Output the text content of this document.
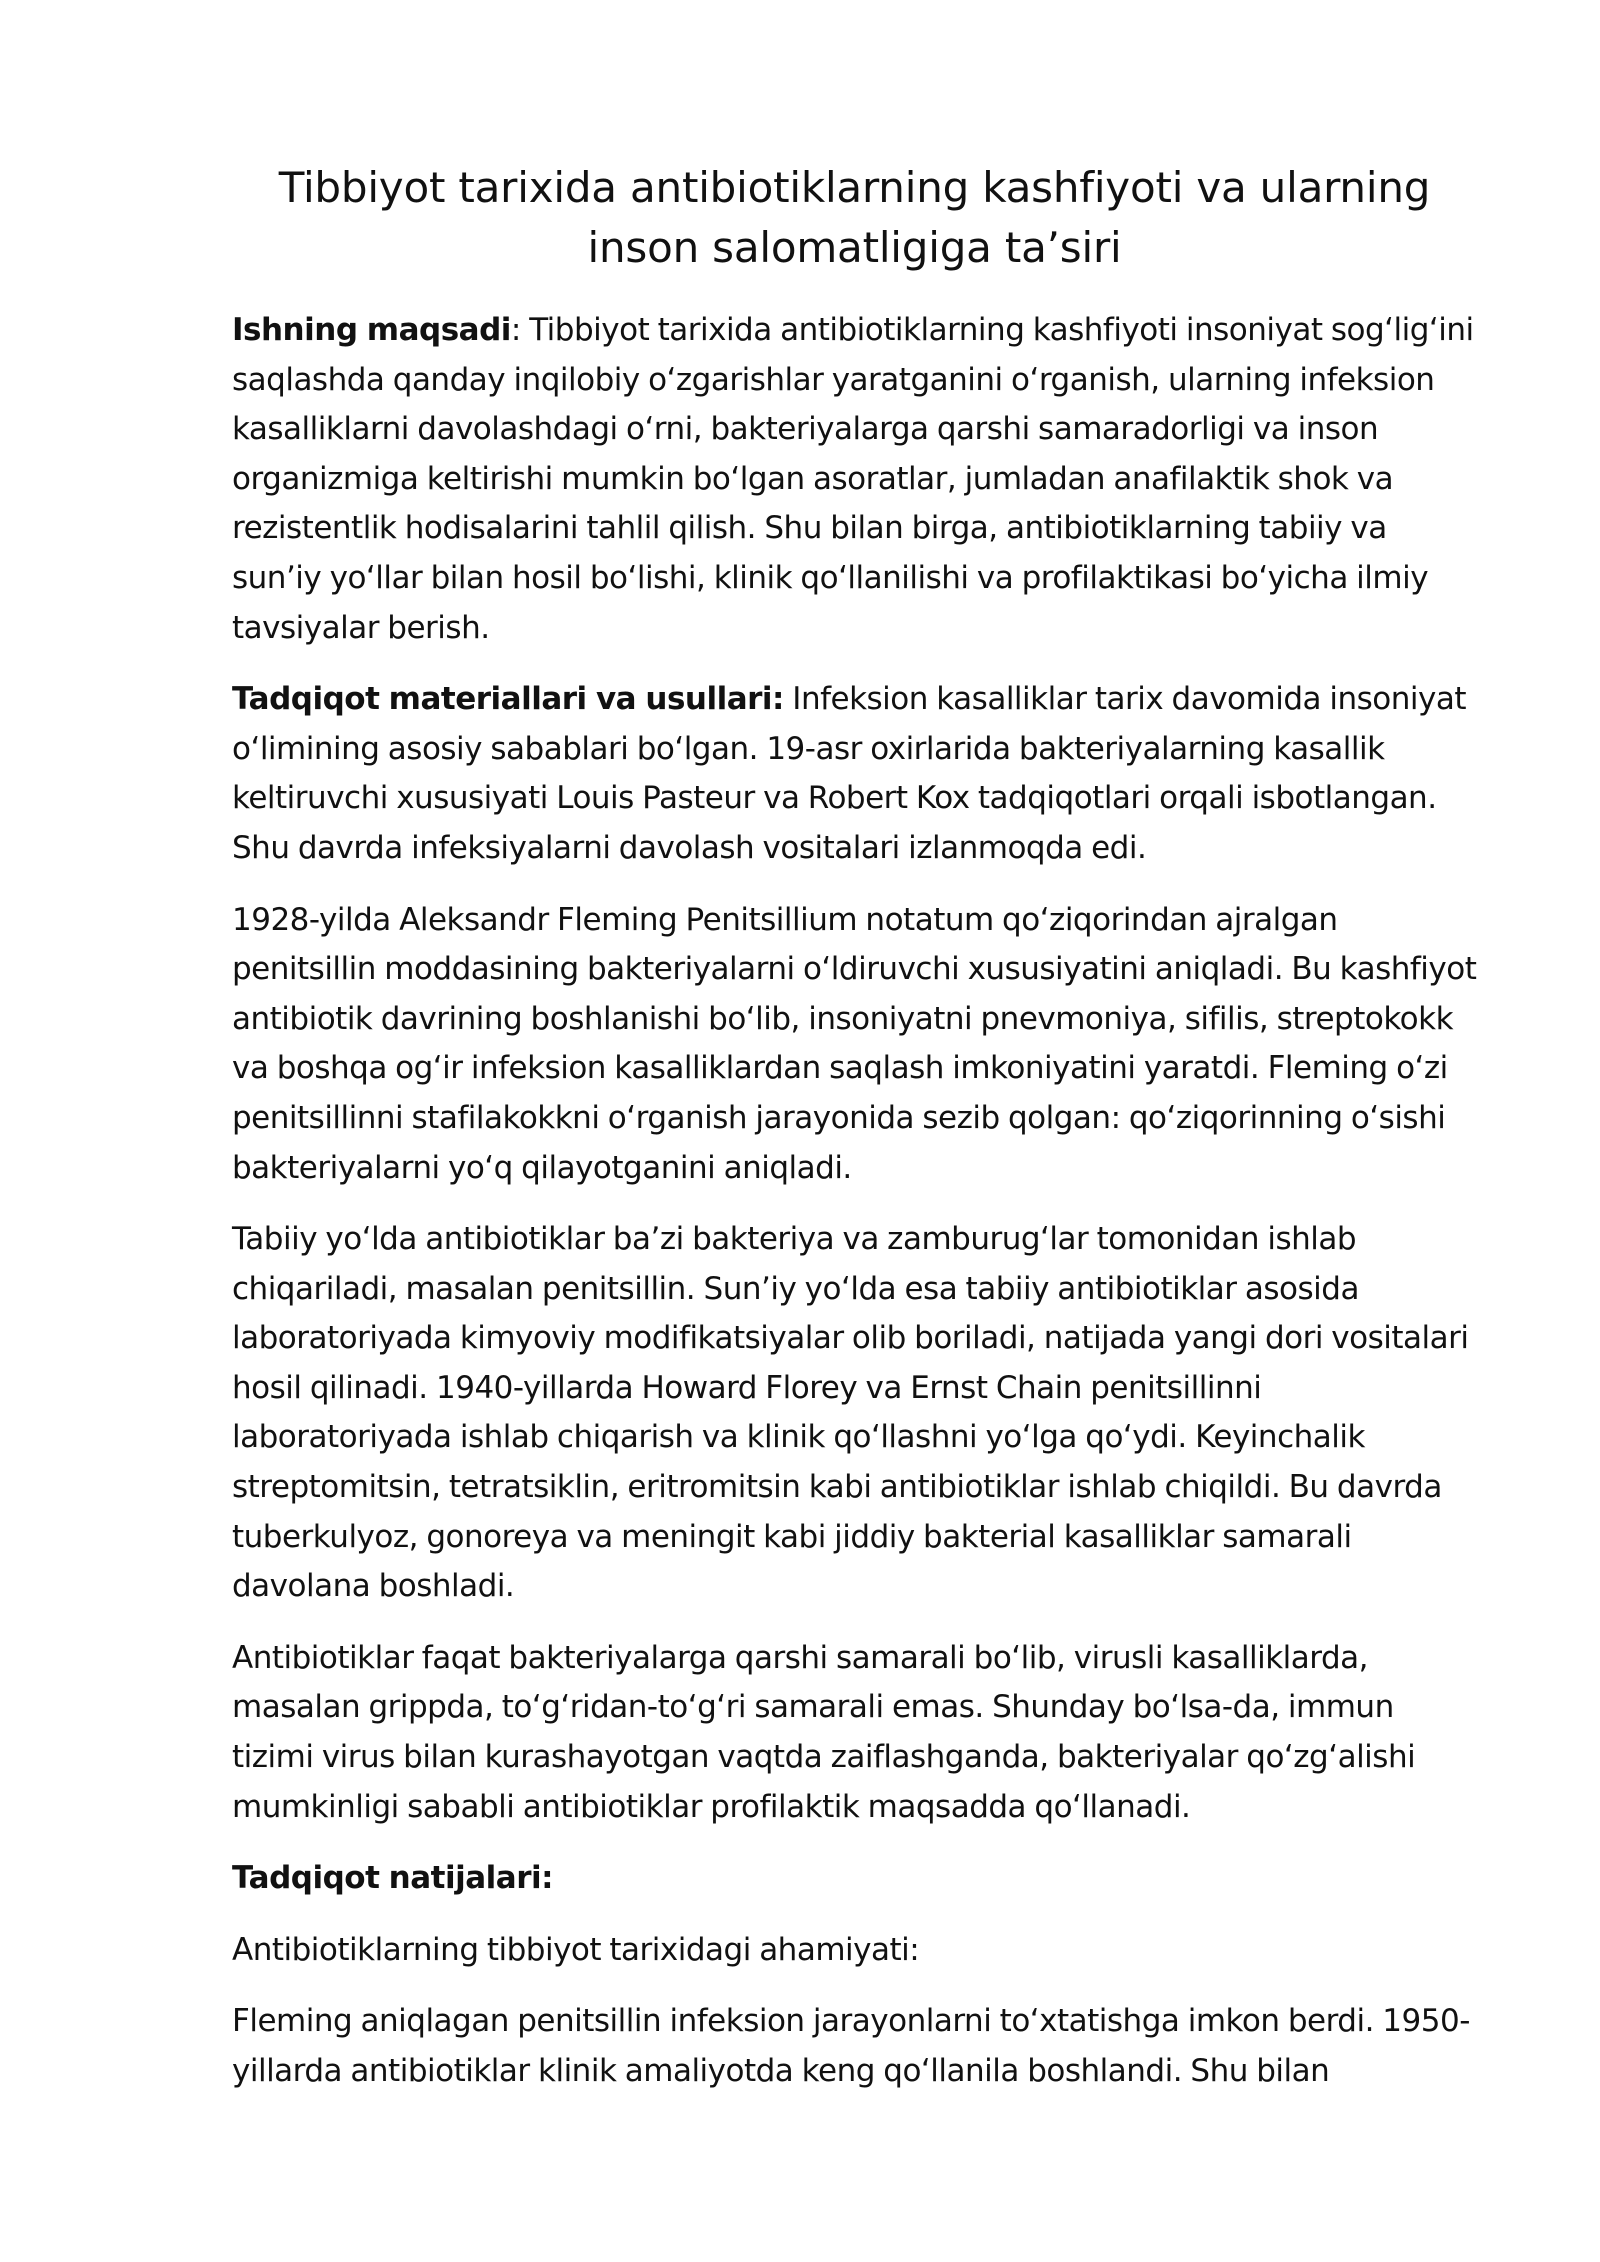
Tibbiyot tarixida antibiotiklarning kashfiyoti va ularning inson salomatligiga ta’siri

Ishning maqsadi: Tibbiyot tarixida antibiotiklarning kashfiyoti insoniyat sog‘lig‘ini saqlashda qanday inqilobiy o‘zgarishlar yaratganini o‘rganish, ularning infeksion kasalliklarni davolashdagi o‘rni, bakteriyalarga qarshi samaradorligi va inson organizmiga keltirishi mumkin bo‘lgan asoratlar, jumladan anafilaktik shok va rezistentlik hodisalarini tahlil qilish. Shu bilan birga, antibiotiklarning tabiiy va sun’iy yo‘llar bilan hosil bo‘lishi, klinik qo‘llanilishi va profilaktikasi bo‘yicha ilmiy tavsiyalar berish.

Tadqiqot materiallari va usullari: Infeksion kasalliklar tarix davomida insoniyat o‘limining asosiy sabablari bo‘lgan. 19-asr oxirlarida bakteriyalarning kasallik keltiruvchi xususiyati Louis Pasteur va Robert Kox tadqiqotlari orqali isbotlangan. Shu davrda infeksiyalarni davolash vositalari izlanmoqda edi.

1928-yilda Aleksandr Fleming Penitsillium notatum qo‘ziqorindan ajralgan penitsillin moddasining bakteriyalarni o‘ldiruvchi xususiyatini aniqladi. Bu kashfiyot antibiotik davrining boshlanishi bo‘lib, insoniyatni pnevmoniya, sifilis, streptokokk va boshqa og‘ir infeksion kasalliklardan saqlash imkoniyatini yaratdi. Fleming o‘zi penitsillinni stafilakokkni o‘rganish jarayonida sezib qolgan: qo‘ziqorinning o‘sishi bakteriyalarni yo‘q qilayotganini aniqladi.

Tabiiy yo‘lda antibiotiklar ba’zi bakteriya va zamburug‘lar tomonidan ishlab chiqariladi, masalan penitsillin. Sun’iy yo‘lda esa tabiiy antibiotiklar asosida laboratoriyada kimyoviy modifikatsiyalar olib boriladi, natijada yangi dori vositalari hosil qilinadi. 1940-yillarda Howard Florey va Ernst Chain penitsillinni laboratoriyada ishlab chiqarish va klinik qo‘llashni yo‘lga qo‘ydi. Keyinchalik streptomitsin, tetratsiklin, eritromitsin kabi antibiotiklar ishlab chiqildi. Bu davrda tuberkulyoz, gonoreya va meningit kabi jiddiy bakterial kasalliklar samarali davolana boshladi.

Antibiotiklar faqat bakteriyalarga qarshi samarali bo‘lib, virusli kasalliklarda, masalan grippda, to‘g‘ridan-to‘g‘ri samarali emas. Shunday bo‘lsa-da, immun tizimi virus bilan kurashayotgan vaqtda zaiflashganda, bakteriyalar qo‘zg‘alishi mumkinligi sababli antibiotiklar profilaktik maqsadda qo‘llanadi.

Tadqiqot natijalari:

Antibiotiklarning tibbiyot tarixidagi ahamiyati:

Fleming aniqlagan penitsillin infeksion jarayonlarni to‘xtatishga imkon berdi. 1950-yillarda antibiotiklar klinik amaliyotda keng qo‘llanila boshlandi. Shu bilan
